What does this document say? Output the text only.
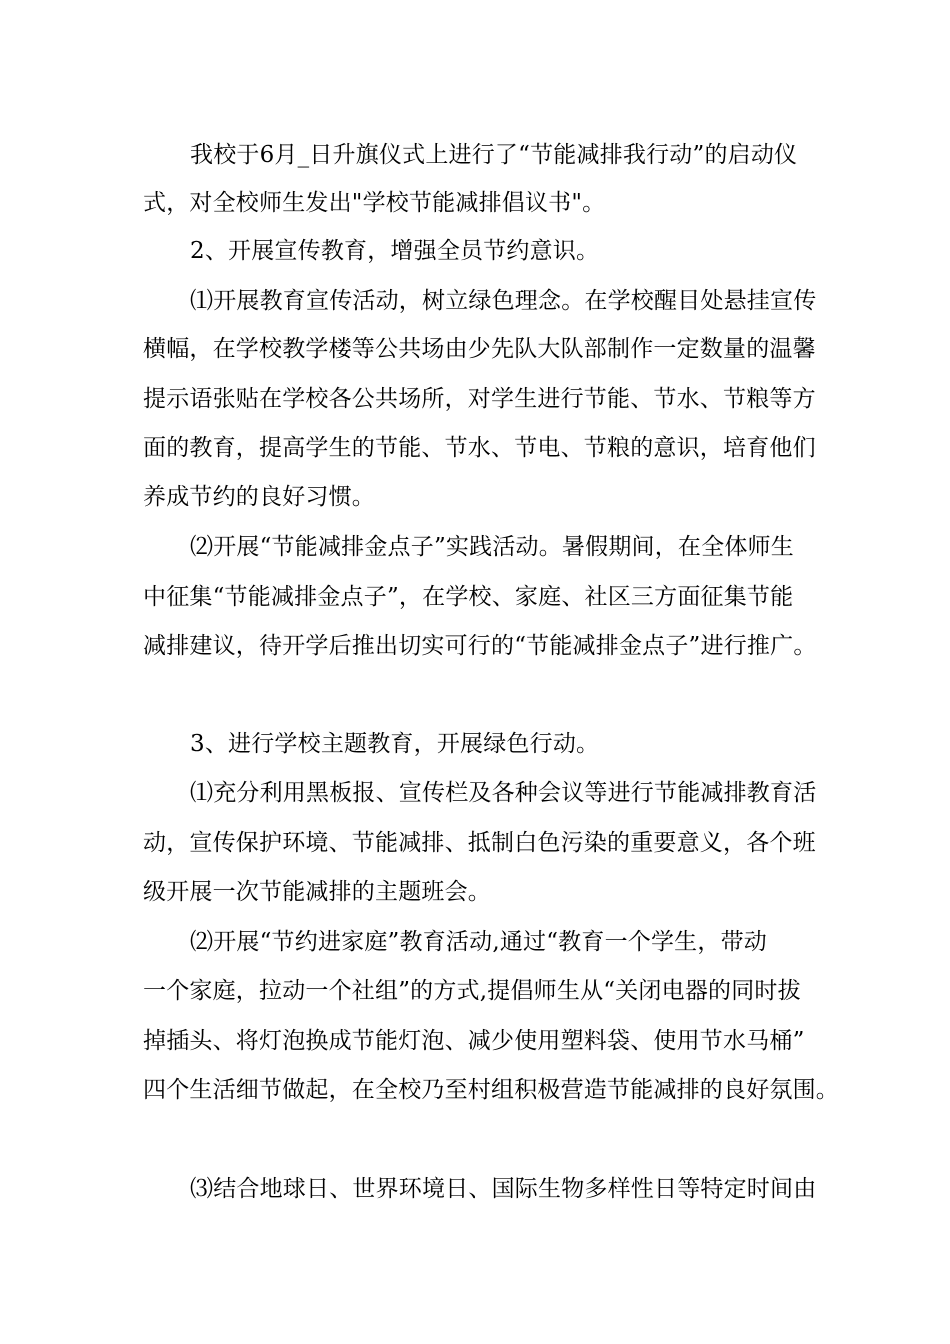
我校于6月_日升旗仪式上进行了“节能减排我行动”的启动仪
式，对全校师生发出"学校节能减排倡议书"。
2、开展宣传教育，增强全员节约意识。
⑴开展教育宣传活动，树立绿色理念。在学校醒目处悬挂宣传
横幅，在学校教学楼等公共场由少先队大队部制作一定数量的温馨
提示语张贴在学校各公共场所，对学生进行节能、节水、节粮等方
面的教育，提高学生的节能、节水、节电、节粮的意识，培育他们
养成节约的良好习惯。
⑵开展“节能减排金点子”实践活动。暑假期间，在全体师生
中征集“节能减排金点子”，在学校、家庭、社区三方面征集节能
减排建议，待开学后推出切实可行的“节能减排金点子”进行推广。
3、进行学校主题教育，开展绿色行动。
⑴充分利用黑板报、宣传栏及各种会议等进行节能减排教育活
动，宣传保护环境、节能减排、抵制白色污染的重要意义，各个班
级开展一次节能减排的主题班会。
⑵开展“节约进家庭”教育活动,通过“教育一个学生，带动
一个家庭，拉动一个社组”的方式,提倡师生从“关闭电器的同时拔
掉插头、将灯泡换成节能灯泡、减少使用塑料袋、使用节水马桶”
四个生活细节做起，在全校乃至村组积极营造节能减排的良好氛围。
⑶结合地球日、世界环境日、国际生物多样性日等特定时间由
